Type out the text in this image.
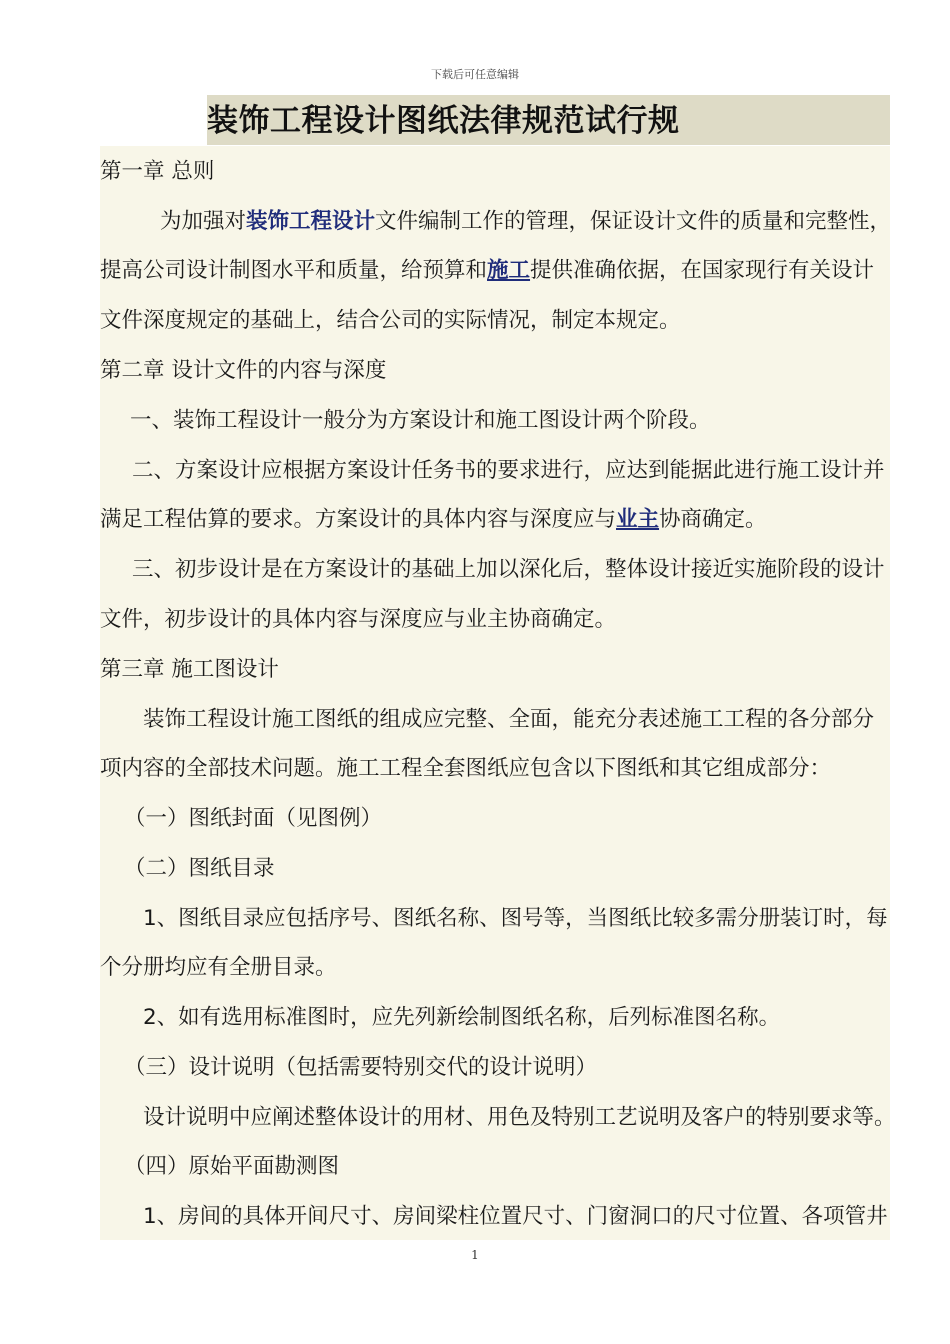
下载后可任意编辑
装饰工程设计图纸法律规范试行规
第一章 总则
为加强对装饰工程设计文件编制工作的管理，保证设计文件的质量和完整性，
提高公司设计制图水平和质量，给预算和施工提供准确依据，在国家现行有关设计
文件深度规定的基础上，结合公司的实际情况，制定本规定。
第二章 设计文件的内容与深度
一、装饰工程设计一般分为方案设计和施工图设计两个阶段。
二、方案设计应根据方案设计任务书的要求进行，应达到能据此进行施工设计并
满足工程估算的要求。方案设计的具体内容与深度应与业主协商确定。
三、初步设计是在方案设计的基础上加以深化后，整体设计接近实施阶段的设计
文件，初步设计的具体内容与深度应与业主协商确定。
第三章 施工图设计
装饰工程设计施工图纸的组成应完整、全面，能充分表述施工工程的各分部分
项内容的全部技术问题。施工工程全套图纸应包含以下图纸和其它组成部分：
（一）图纸封面（见图例）
（二）图纸目录
1、图纸目录应包括序号、图纸名称、图号等，当图纸比较多需分册装订时，每
个分册均应有全册目录。
2、如有选用标准图时，应先列新绘制图纸名称，后列标准图名称。
（三）设计说明（包括需要特别交代的设计说明）
设计说明中应阐述整体设计的用材、用色及特别工艺说明及客户的特别要求等。
（四）原始平面勘测图
1、房间的具体开间尺寸、房间梁柱位置尺寸、门窗洞口的尺寸位置、各项管井
1
